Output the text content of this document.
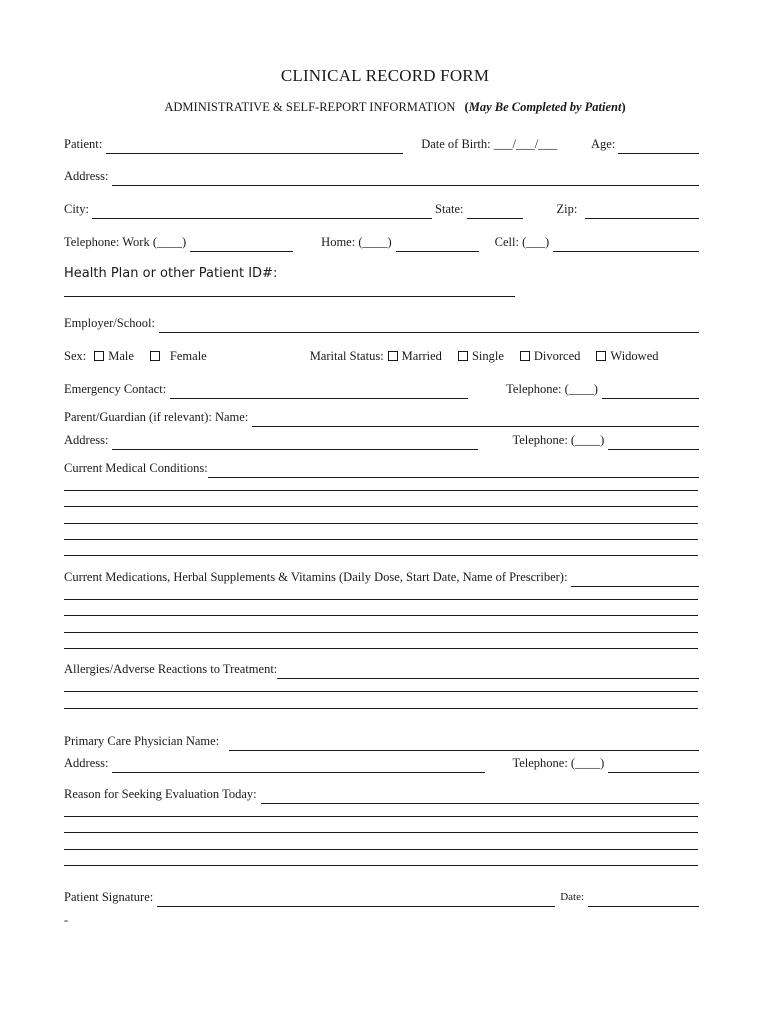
CLINICAL RECORD FORM
ADMINISTRATIVE & SELF-REPORT INFORMATION (May Be Completed by Patient)
Patient:	Date of Birth: ___/___/___	Age:
Address:
City:	State:	Zip:
Telephone: Work (____)	Home: (____)	Cell: (___)
Health Plan or other Patient ID#:
Employer/School:
Sex:	Male	Female	Marital Status:	Married	Single	Divorced	Widowed
Emergency Contact:	Telephone: (____)
Parent/Guardian (if relevant): Name:
Address:	Telephone: (____)
Current Medical Conditions:
Current Medications, Herbal Supplements & Vitamins (Daily Dose, Start Date, Name of Prescriber):
Allergies/Adverse Reactions to Treatment:
Primary Care Physician Name:
Address:	Telephone: (____)
Reason for Seeking Evaluation Today:
Patient Signature:	Date:
-
